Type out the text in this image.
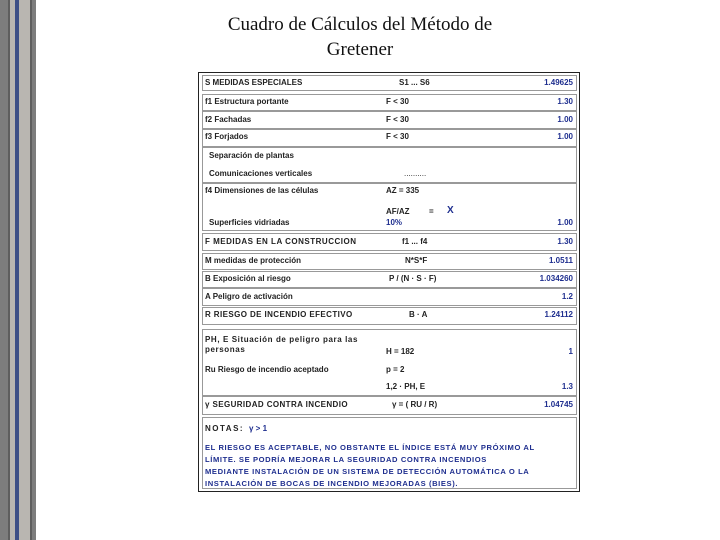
Cuadro de Cálculos del Método de
Gretener
S MEDIDAS ESPECIALES	S1 ... S6	1.49625
f1 Estructura portante	F < 30	1.30
f2 Fachadas	F < 30	1.00
f3 Forjados	F < 30	1.00
Separación de plantas
Comunicaciones verticales	..........
f4 Dimensiones de las células	AZ = 335
AF/AZ = X
Superficies vidriadas	10%	1.00
F MEDIDAS EN LA CONSTRUCCION	f1 ... f4	1.30
M medidas de protección	N*S*F	1.0511
B Exposición al riesgo	P / (N · S · F)	1.034260
A Peligro de activación	1.2
R RIESGO DE INCENDIO EFECTIVO	B · A	1.24112
PH, E Situación de peligro para las personas	H = 182	1
Ru Riesgo de incendio aceptado	p = 2
1,2 · PH, E	1.3
γ SEGURIDAD CONTRA INCENDIO	γ = ( RU / R)	1.04745
NOTAS: γ > 1
EL RIESGO ES ACEPTABLE, NO OBSTANTE EL ÍNDICE ESTÁ MUY PRÓXIMO AL
LÍMITE. SE PODRÍA MEJORAR LA SEGURIDAD CONTRA INCENDIOS
MEDIANTE INSTALACIÓN DE UN SISTEMA DE DETECCIÓN AUTOMÁTICA O LA
INSTALACIÓN DE BOCAS DE INCENDIO MEJORADAS (BIES).
